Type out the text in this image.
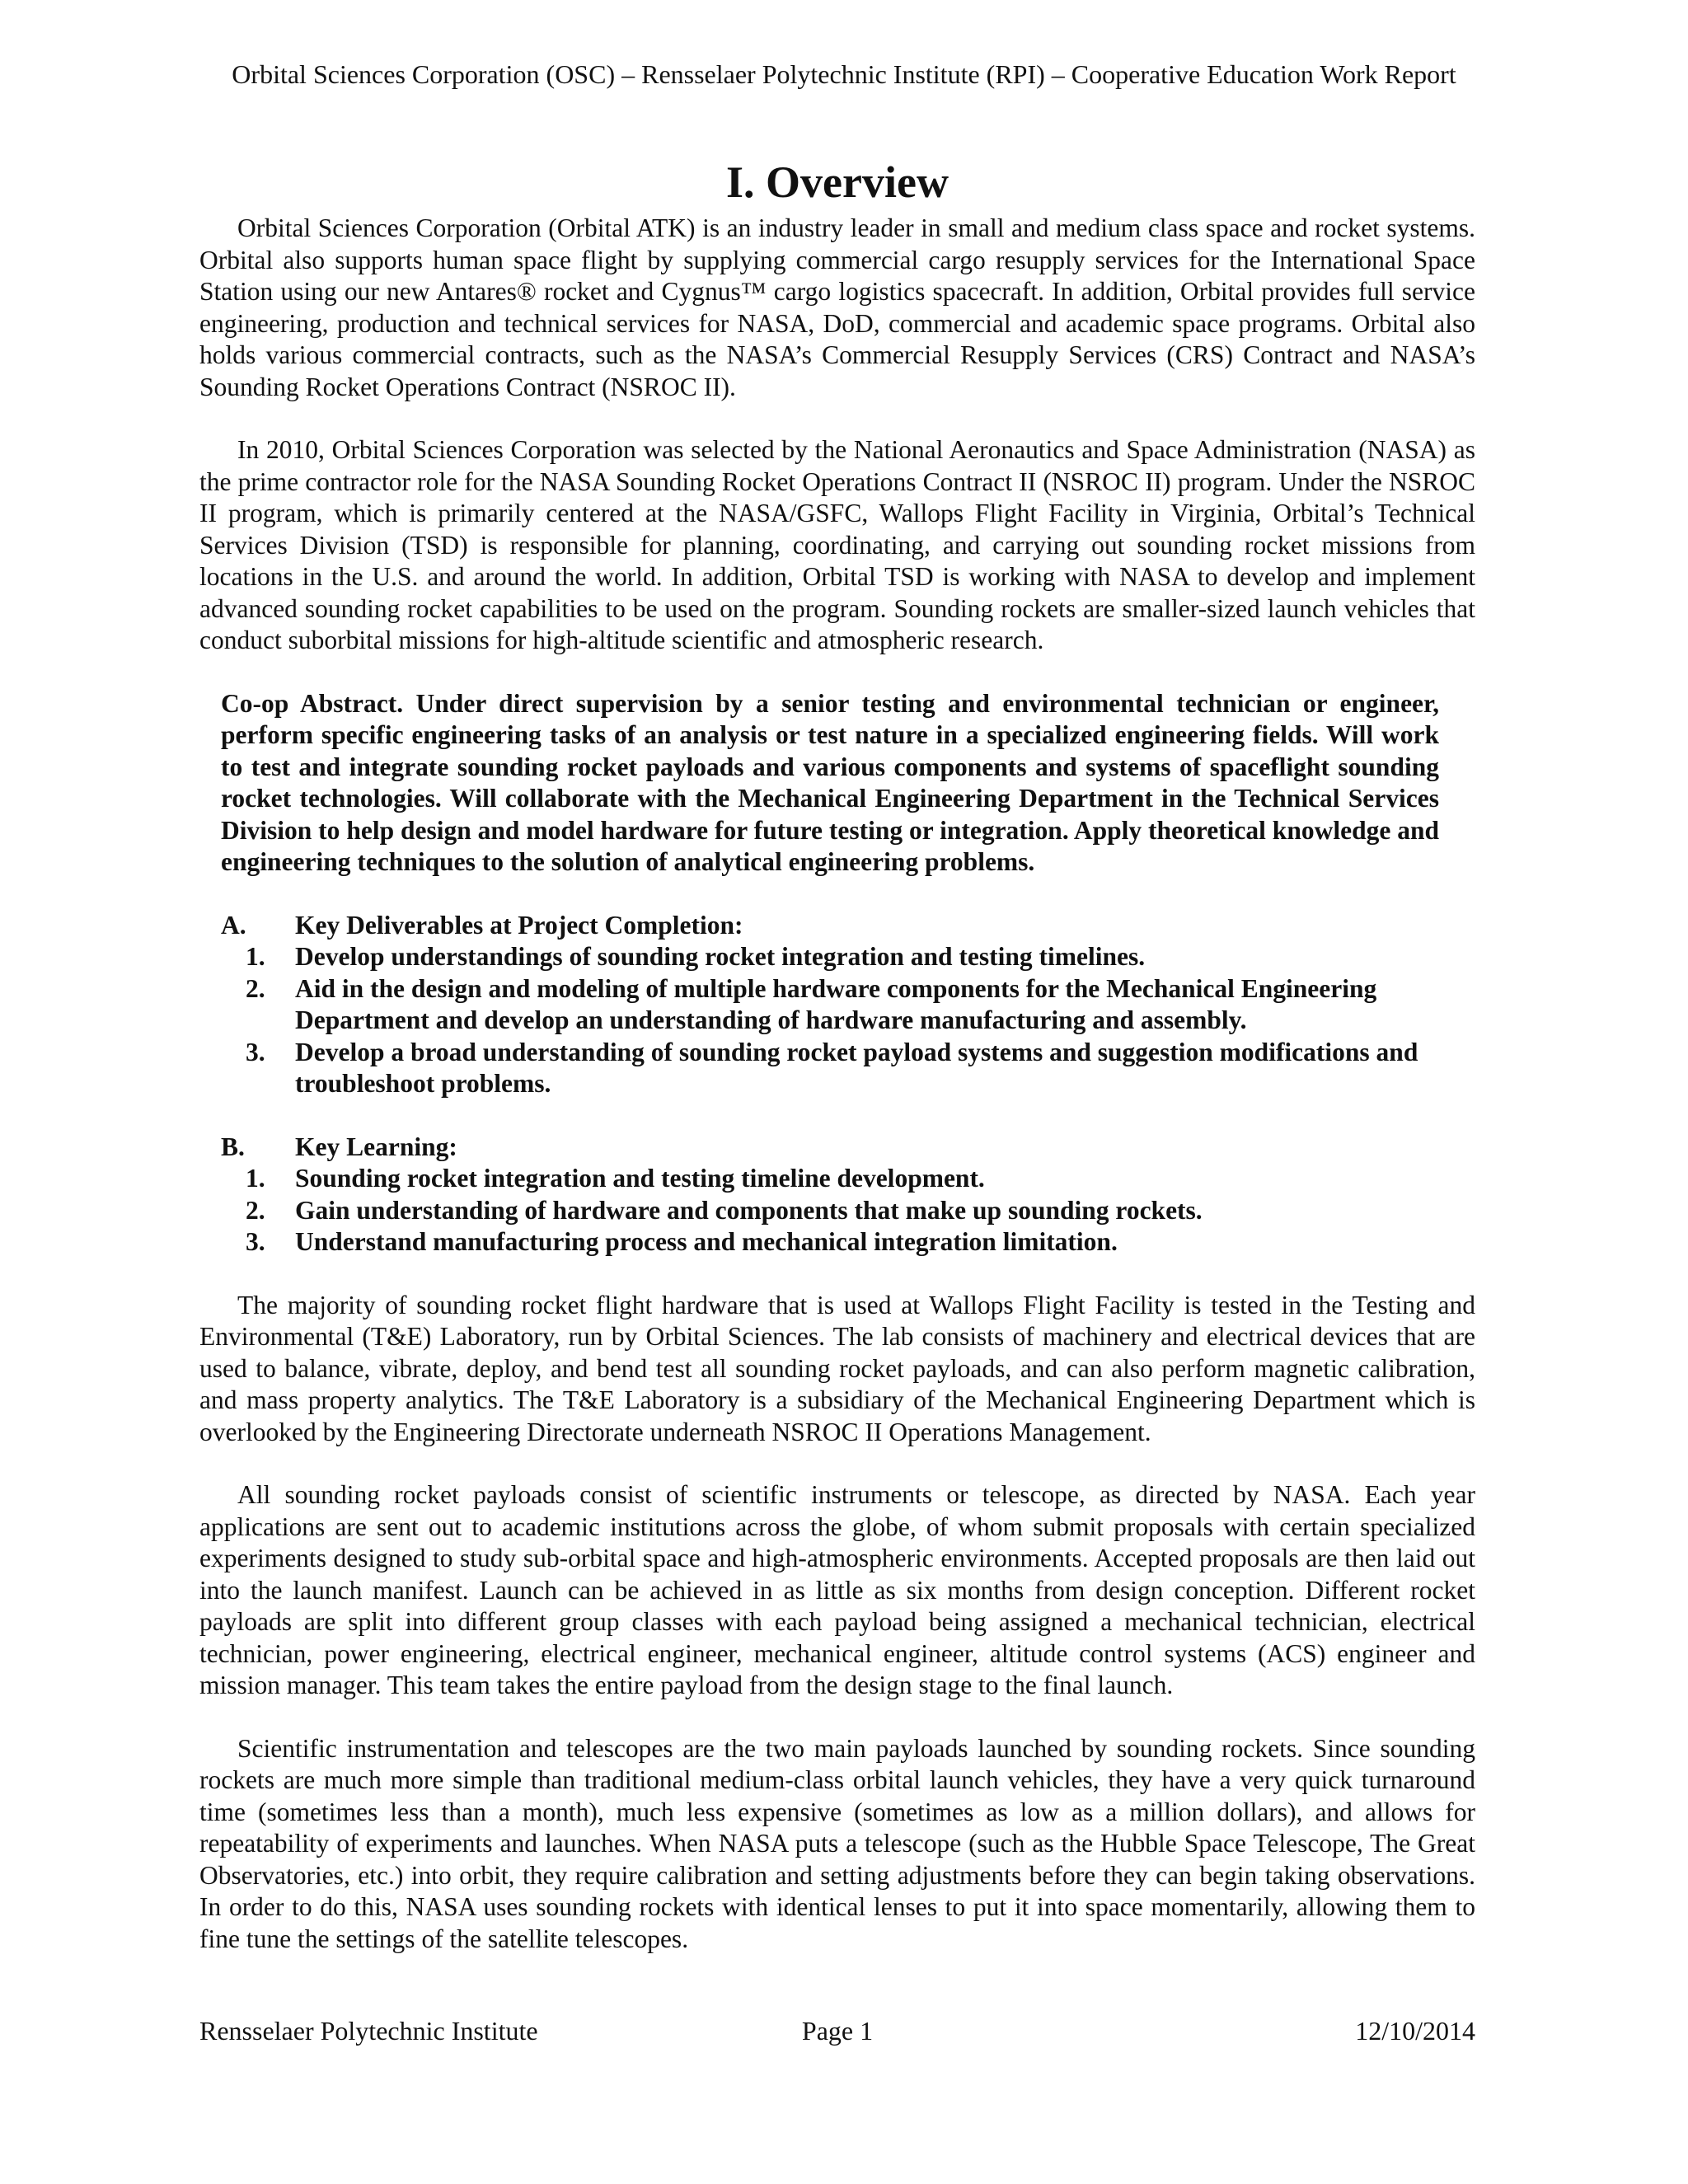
Orbital Sciences Corporation (OSC) – Rensselaer Polytechnic Institute (RPI) – Cooperative Education Work Report
I. Overview

Orbital Sciences Corporation (Orbital ATK) is an industry leader in small and medium class space and rocket systems. Orbital also supports human space flight by supplying commercial cargo resupply services for the International Space Station using our new Antares® rocket and Cygnus™ cargo logistics spacecraft. In addition, Orbital provides full service engineering, production and technical services for NASA, DoD, commercial and academic space programs. Orbital also holds various commercial contracts, such as the NASA’s Commercial Resupply Services (CRS) Contract and NASA’s Sounding Rocket Operations Contract (NSROC II).

In 2010, Orbital Sciences Corporation was selected by the National Aeronautics and Space Administration (NASA) as the prime contractor role for the NASA Sounding Rocket Operations Contract II (NSROC II) program. Under the NSROC II program, which is primarily centered at the NASA/GSFC, Wallops Flight Facility in Virginia, Orbital’s Technical Services Division (TSD) is responsible for planning, coordinating, and carrying out sounding rocket missions from locations in the U.S. and around the world. In addition, Orbital TSD is working with NASA to develop and implement advanced sounding rocket capabilities to be used on the program. Sounding rockets are smaller-sized launch vehicles that conduct suborbital missions for high-altitude scientific and atmospheric research.

Co-op Abstract. Under direct supervision by a senior testing and environmental technician or engineer, perform specific engineering tasks of an analysis or test nature in a specialized engineering fields. Will work to test and integrate sounding rocket payloads and various components and systems of spaceflight sounding rocket technologies. Will collaborate with the Mechanical Engineering Department in the Technical Services Division to help design and model hardware for future testing or integration. Apply theoretical knowledge and engineering techniques to the solution of analytical engineering problems.

A.	Key Deliverables at Project Completion:
1.	Develop understandings of sounding rocket integration and testing timelines.
2.	Aid in the design and modeling of multiple hardware components for the Mechanical Engineering Department and develop an understanding of hardware manufacturing and assembly.
3.	Develop a broad understanding of sounding rocket payload systems and suggestion modifications and troubleshoot problems.
B.	Key Learning:
1.	Sounding rocket integration and testing timeline development.
2.	Gain understanding of hardware and components that make up sounding rockets.
3.	Understand manufacturing process and mechanical integration limitation.

The majority of sounding rocket flight hardware that is used at Wallops Flight Facility is tested in the Testing and Environmental (T&E) Laboratory, run by Orbital Sciences. The lab consists of machinery and electrical devices that are used to balance, vibrate, deploy, and bend test all sounding rocket payloads, and can also perform magnetic calibration, and mass property analytics. The T&E Laboratory is a subsidiary of the Mechanical Engineering Department which is overlooked by the Engineering Directorate underneath NSROC II Operations Management.

All sounding rocket payloads consist of scientific instruments or telescope, as directed by NASA. Each year applications are sent out to academic institutions across the globe, of whom submit proposals with certain specialized experiments designed to study sub-orbital space and high-atmospheric environments. Accepted proposals are then laid out into the launch manifest. Launch can be achieved in as little as six months from design conception. Different rocket payloads are split into different group classes with each payload being assigned a mechanical technician, electrical technician, power engineering, electrical engineer, mechanical engineer, altitude control systems (ACS) engineer and mission manager. This team takes the entire payload from the design stage to the final launch.

Scientific instrumentation and telescopes are the two main payloads launched by sounding rockets. Since sounding rockets are much more simple than traditional medium-class orbital launch vehicles, they have a very quick turnaround time (sometimes less than a month), much less expensive (sometimes as low as a million dollars), and allows for repeatability of experiments and launches. When NASA puts a telescope (such as the Hubble Space Telescope, The Great Observatories, etc.) into orbit, they require calibration and setting adjustments before they can begin taking observations. In order to do this, NASA uses sounding rockets with identical lenses to put it into space momentarily, allowing them to fine tune the settings of the satellite telescopes.

Rensselaer Polytechnic Institute	Page 1	12/10/2014
